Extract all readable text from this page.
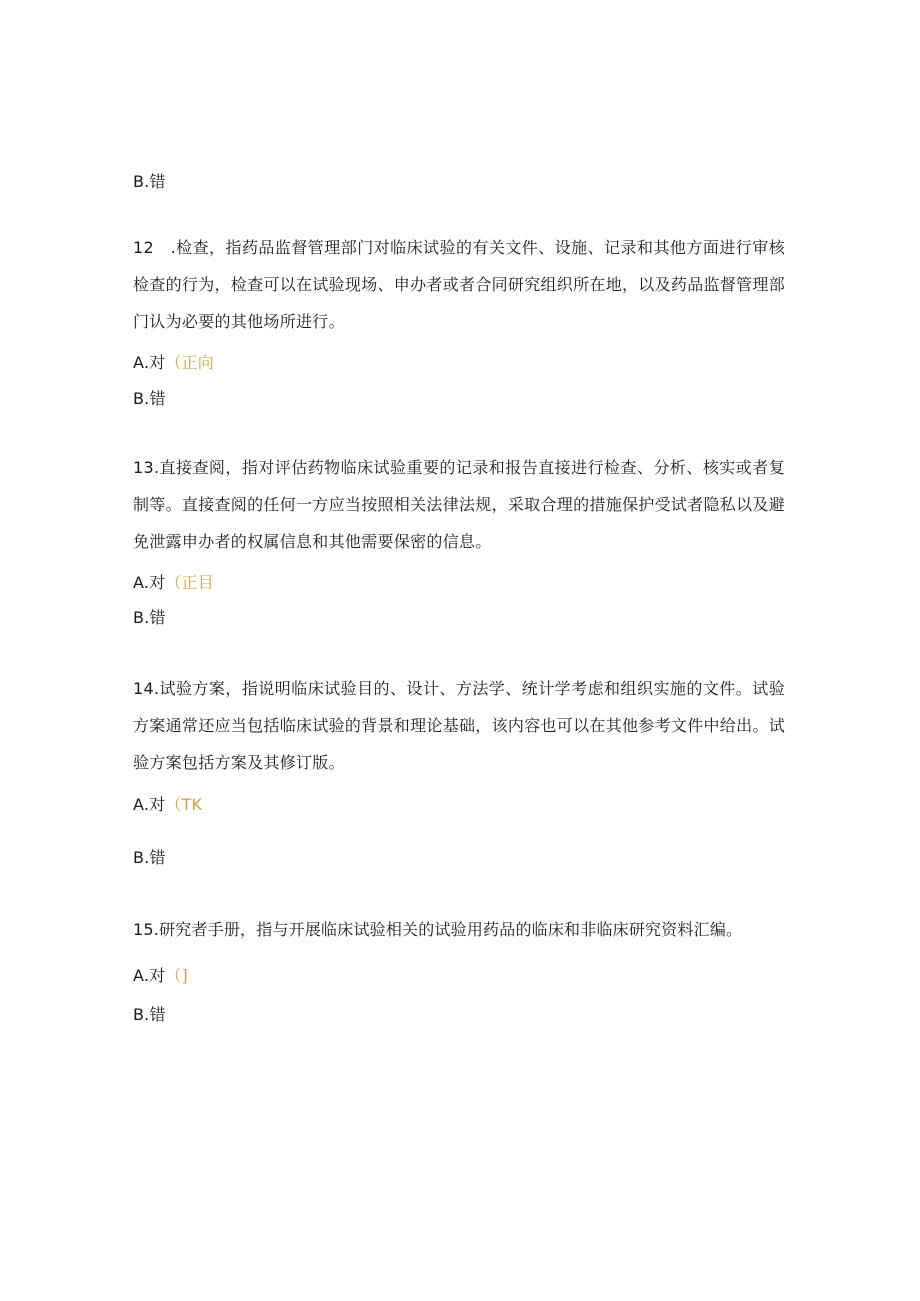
B.错
12　.检查，指药品监督管理部门对临床试验的有关文件、设施、记录和其他方面进行审核检查的行为，检查可以在试验现场、申办者或者合同研究组织所在地，以及药品监督管理部门认为必要的其他场所进行。
A.对（正向
B.错
13.直接查阅，指对评估药物临床试验重要的记录和报告直接进行检查、分析、核实或者复制等。直接查阅的任何一方应当按照相关法律法规，采取合理的措施保护受试者隐私以及避免泄露申办者的权属信息和其他需要保密的信息。
A.对（正目
B.错
14.试验方案，指说明临床试验目的、设计、方法学、统计学考虑和组织实施的文件。试验方案通常还应当包括临床试验的背景和理论基础，该内容也可以在其他参考文件中给出。试验方案包括方案及其修订版。
A.对（TK
B.错
15.研究者手册，指与开展临床试验相关的试验用药品的临床和非临床研究资料汇编。
A.对（]
B.错
